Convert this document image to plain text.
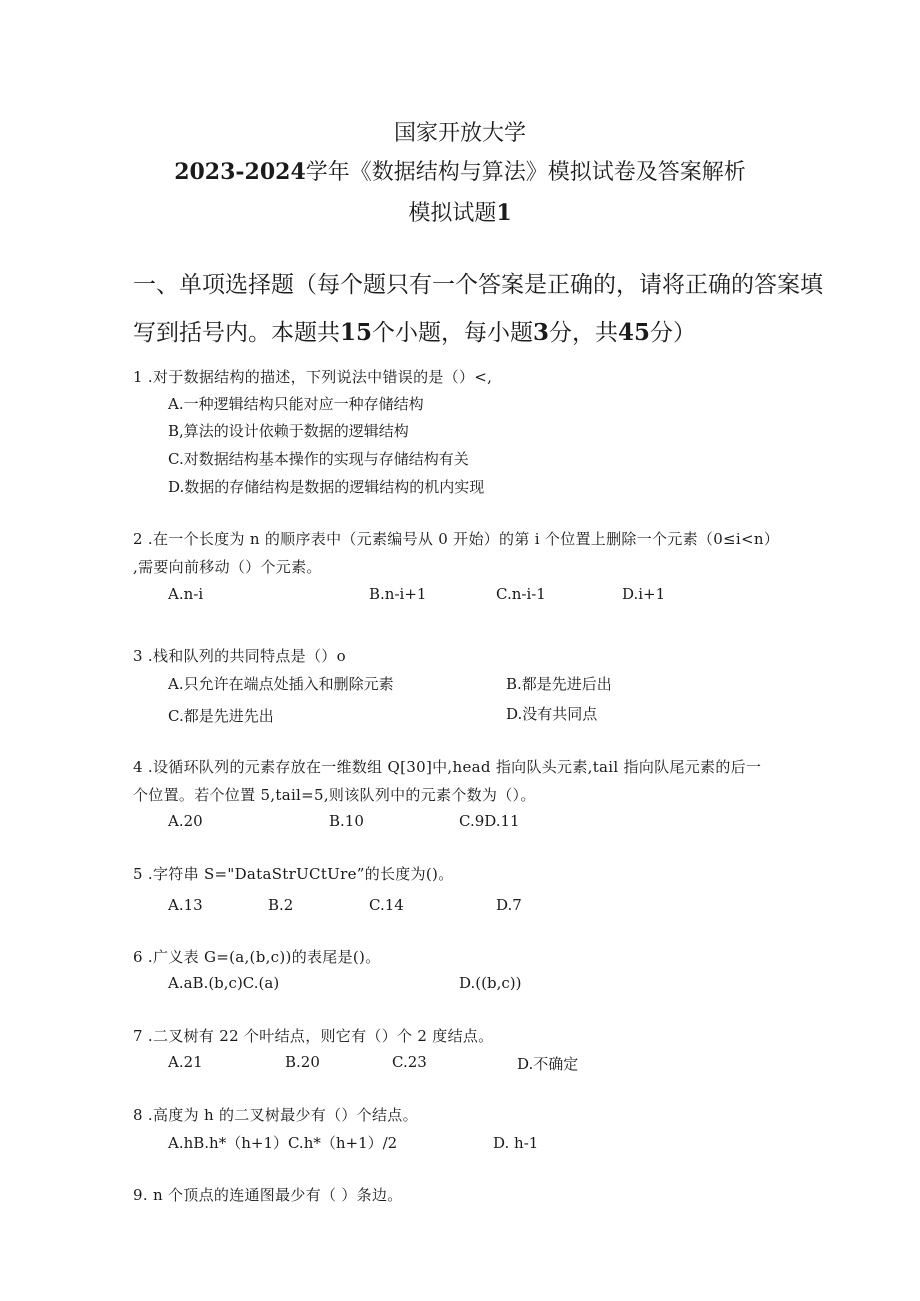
国家开放大学
2023-2024学年《数据结构与算法》模拟试卷及答案解析
模拟试题1
一、单项选择题（每个题只有一个答案是正确的，请将正确的答案填
写到括号内。本题共15个小题，每小题3分，共45分）
1 .对于数据结构的描述，下列说法中错误的是（）<,
A.一种逻辑结构只能对应一种存储结构
B,算法的设计依赖于数据的逻辑结构
C.对数据结构基本操作的实现与存储结构有关
D.数据的存储结构是数据的逻辑结构的机内实现
2 .在一个长度为 n 的顺序表中（元素编号从 0 开始）的第 i 个位置上删除一个元素（0≤i<n）
,需要向前移动（）个元素。
A.n-i	B.n-i+1	C.n-i-1	D.i+1
3 .栈和队列的共同特点是（）o
A.只允许在端点处插入和删除元素	B.都是先进后出
C.都是先进先出	D.没有共同点
4 .设循环队列的元素存放在一维数组 Q[30]中,head 指向队头元素,tail 指向队尾元素的后一
个位置。若个位置 5,tail=5,则该队列中的元素个数为（）。
A.20	B.10	C.9D.11
5 .字符串 S="DataStrUCtUre”的长度为()。
A.13	B.2	C.14	D.7
6 .广义表 G=(a,(b,c))的表尾是()。
A.aB.(b,c)C.(a)	D.((b,c))
7 .二叉树有 22 个叶结点，则它有（）个 2 度结点。
A.21	B.20	C.23	D.不确定
8 .高度为 h 的二叉树最少有（）个结点。
A.hB.h*（h+1）C.h*（h+1）/2	D. h-1
9. n 个顶点的连通图最少有（ ）条边。
